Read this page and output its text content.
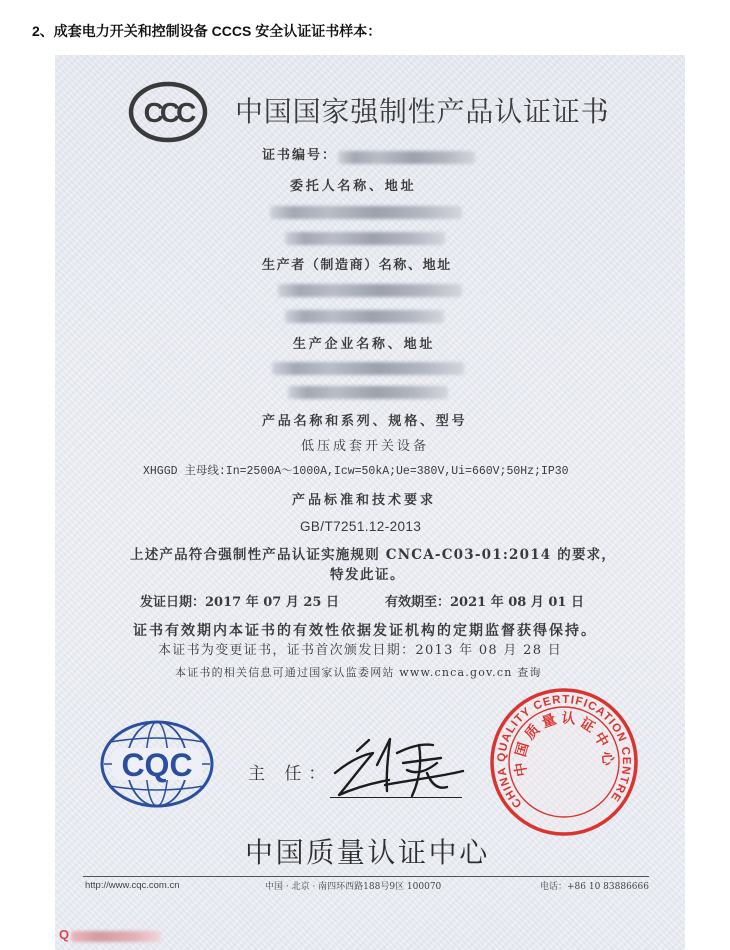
2、成套电力开关和控制设备 CCCS 安全认证证书样本：
CCC 中国国家强制性产品认证证书
证书编号：
委托人名称、地址
生产者（制造商）名称、地址
生产企业名称、地址
产品名称和系列、规格、型号
低压成套开关设备
XHGGD 主母线:In=2500A～1000A,Icw=50kA;Ue=380V,Ui=660V;50Hz;IP30
产品标准和技术要求
GB/T7251.12-2013
上述产品符合强制性产品认证实施规则 CNCA-C03-01:2014 的要求，
特发此证。
发证日期：2017 年 07 月 25 日	有效期至：2021 年 08 月 01 日
证书有效期内本证书的有效性依据发证机构的定期监督获得保持。
本证书为变更证书，证书首次颁发日期：2013 年 08 月 28 日
本证书的相关信息可通过国家认监委网站 www.cnca.gov.cn 查询
CQC	主 任：
CHINA QUALITY CERTIFICATION CENTRE
中国质量认证中心
中国质量认证中心
http://www.cqc.com.cn	中国 · 北京 · 南四环西路188号9区 100070	电话：+86 10 83886666
Q
